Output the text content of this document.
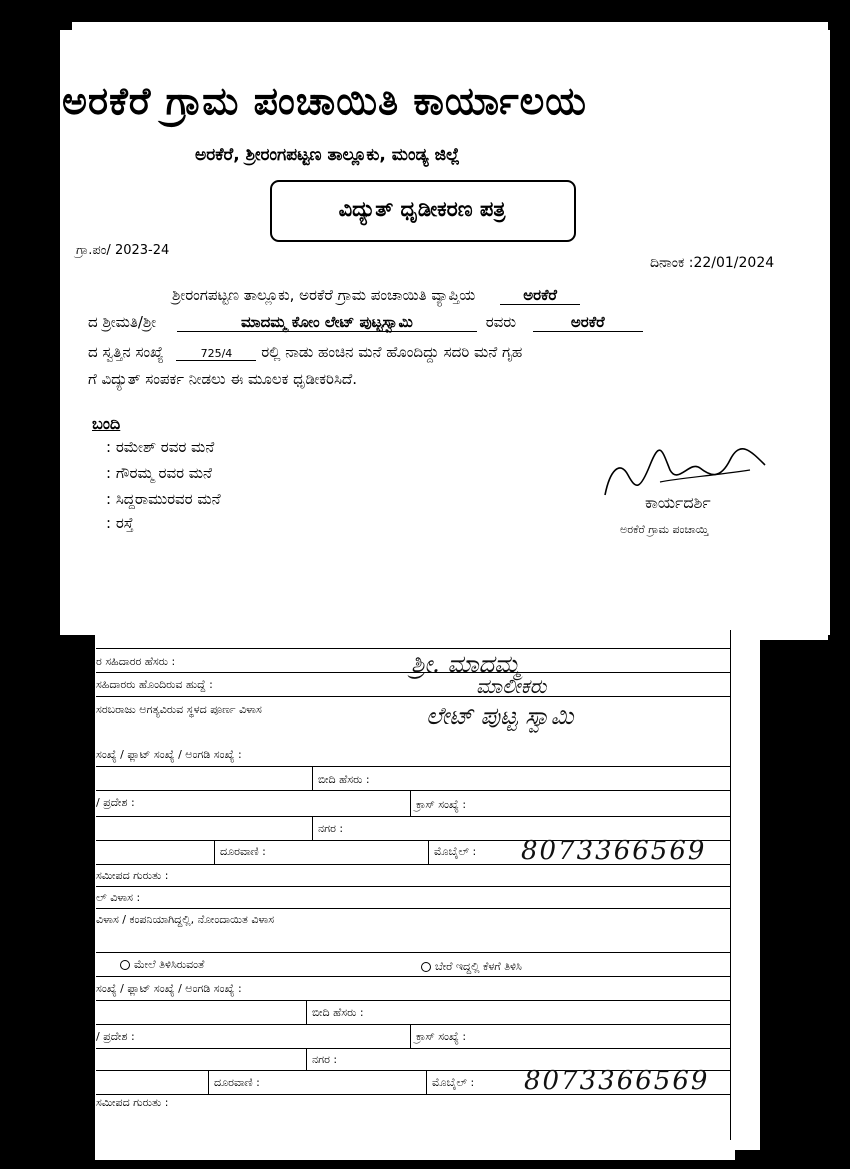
ಅರಕೆರೆ ಗ್ರಾಮ ಪಂಚಾಯಿತಿ ಕಾರ್ಯಾಲಯ
ಅರಕೆರೆ, ಶ್ರೀರಂಗಪಟ್ಟಣ ತಾಲ್ಲೂಕು, ಮಂಡ್ಯ ಜಿಲ್ಲೆ
ವಿದ್ಯುತ್ ಧೃಡೀಕರಣ ಪತ್ರ
ಗ್ರಾ.ಪಂ/ 2023-24
ದಿನಾಂಕ :22/01/2024
ಶ್ರೀರಂಗಪಟ್ಟಣ ತಾಲ್ಲೂಕು, ಅರಕೆರೆ ಗ್ರಾಮ ಪಂಚಾಯಿತಿ ವ್ಯಾಪ್ತಿಯ	ಅರಕೆರೆ
ದ ಶ್ರೀಮತಿ/ಶ್ರೀ	ಮಾದಮ್ಮ ಕೋಂ ಲೇಟ್ ಪುಟ್ಟಸ್ವಾಮಿ	ರವರು	ಅರಕೆರೆ
ದ ಸ್ವತ್ತಿನ ಸಂಖ್ಯೆ	725/4 ರಲ್ಲಿ ನಾಡು ಹಂಚಿನ ಮನೆ ಹೊಂದಿದ್ದು ಸದರಿ ಮನೆ ಗೃಹ
ಗೆ ವಿದ್ಯುತ್ ಸಂಪರ್ಕ ನೀಡಲು ಈ ಮೂಲಕ ಧೃಡೀಕರಿಸಿದೆ.
ಬಂದಿ
: ರಮೇಶ್ ರವರ ಮನೆ
: ಗೌರಮ್ಮ ರವರ ಮನೆ
: ಸಿದ್ದರಾಮುರವರ ಮನೆ
: ರಸ್ತೆ
ಕಾರ್ಯದರ್ಶಿ
ಅರಕೆರೆ ಗ್ರಾಮ ಪಂಚಾಯ್ತಿ
ರ ಸಹಿದಾರರ ಹೆಸರು :	ಶ್ರೀ. ಮಾದಮ್ಮ
ಸಹಿದಾರರು ಹೊಂದಿರುವ ಹುದ್ದೆ :	ಮಾಲೀಕರು
ಸರಬರಾಜು ಅಗತ್ಯವಿರುವ ಸ್ಥಳದ ಪೂರ್ಣ ವಿಳಾಸ	ಲೇಟ್ ಪುಟ್ಟ ಸ್ವಾಮಿ
ಸಂಖ್ಯೆ / ಫ್ಲಾಟ್ ಸಂಖ್ಯೆ / ಅಂಗಡಿ ಸಂಖ್ಯೆ :
ಬೀದಿ ಹೆಸರು :
/ ಪ್ರದೇಶ :	ಕ್ರಾಸ್ ಸಂಖ್ಯೆ :
ನಗರ :
ದೂರವಾಣಿ :	ಮೊಬೈಲ್ : 8073366569
ಸಮೀಪದ ಗುರುತು :
ಲ್ ವಿಳಾಸ :
ವಿಳಾಸ / ಕಂಪನಿಯಾಗಿದ್ದಲ್ಲಿ, ನೋಂದಾಯಿತ ವಿಳಾಸ
ಮೇಲೆ ತಿಳಿಸಿರುವಂತೆ	ಬೇರೆ ಇದ್ದಲ್ಲಿ ಕೆಳಗೆ ತಿಳಿಸಿ
ಸಂಖ್ಯೆ / ಫ್ಲಾಟ್ ಸಂಖ್ಯೆ / ಅಂಗಡಿ ಸಂಖ್ಯೆ :
ಬೀದಿ ಹೆಸರು :
/ ಪ್ರದೇಶ :	ಕ್ರಾಸ್ ಸಂಖ್ಯೆ :
ನಗರ :
ದೂರವಾಣಿ :	ಮೊಬೈಲ್ : 8073366569
ಸಮೀಪದ ಗುರುತು :
